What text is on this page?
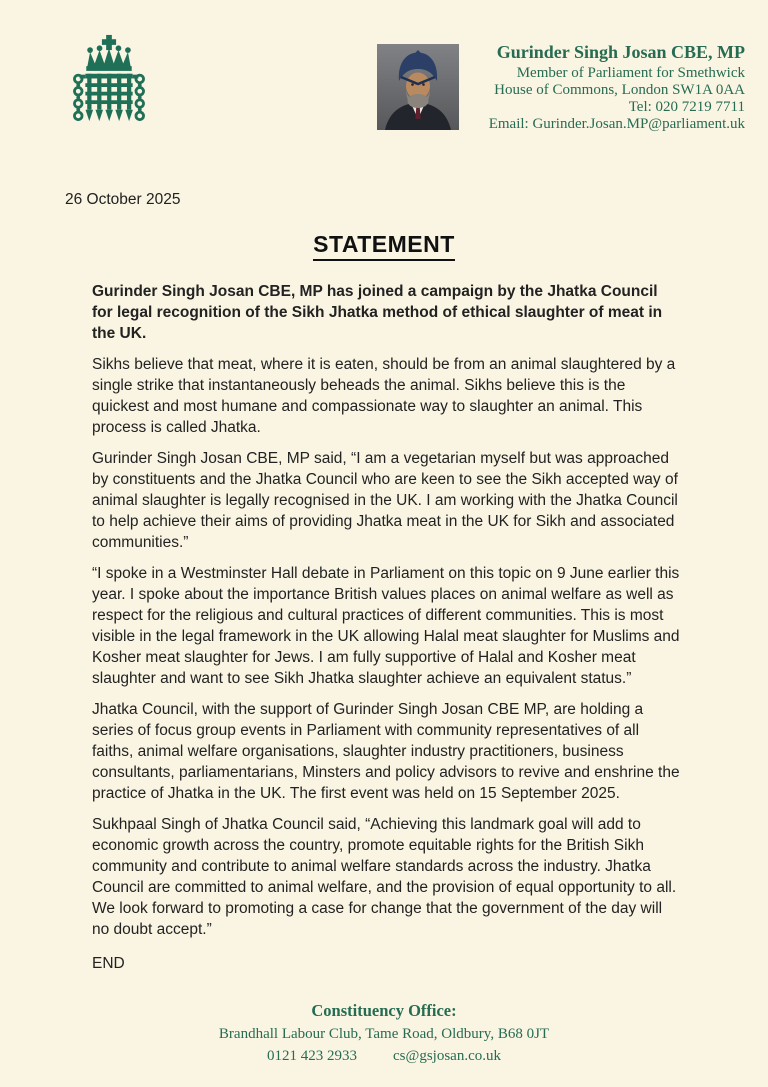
Gurinder Singh Josan CBE, MP
Member of Parliament for Smethwick
House of Commons, London SW1A 0AA
Tel: 020 7219 7711
Email: Gurinder.Josan.MP@parliament.uk
26 October 2025
STATEMENT

Gurinder Singh Josan CBE, MP has joined a campaign by the Jhatka Council for legal recognition of the Sikh Jhatka method of ethical slaughter of meat in the UK.

Sikhs believe that meat, where it is eaten, should be from an animal slaughtered by a single strike that instantaneously beheads the animal. Sikhs believe this is the quickest and most humane and compassionate way to slaughter an animal. This process is called Jhatka.

Gurinder Singh Josan CBE, MP said, “I am a vegetarian myself but was approached by constituents and the Jhatka Council who are keen to see the Sikh accepted way of animal slaughter is legally recognised in the UK. I am working with the Jhatka Council to help achieve their aims of providing Jhatka meat in the UK for Sikh and associated communities.”

“I spoke in a Westminster Hall debate in Parliament on this topic on 9 June earlier this year. I spoke about the importance British values places on animal welfare as well as respect for the religious and cultural practices of different communities. This is most visible in the legal framework in the UK allowing Halal meat slaughter for Muslims and Kosher meat slaughter for Jews. I am fully supportive of Halal and Kosher meat slaughter and want to see Sikh Jhatka slaughter achieve an equivalent status.”

Jhatka Council, with the support of Gurinder Singh Josan CBE MP, are holding a series of focus group events in Parliament with community representatives of all faiths, animal welfare organisations, slaughter industry practitioners, business consultants, parliamentarians, Minsters and policy advisors to revive and enshrine the practice of Jhatka in the UK. The first event was held on 15 September 2025.

Sukhpaal Singh of Jhatka Council said, “Achieving this landmark goal will add to economic growth across the country, promote equitable rights for the British Sikh community and contribute to animal welfare standards across the industry. Jhatka Council are committed to animal welfare, and the provision of equal opportunity to all. We look forward to promoting a case for change that the government of the day will no doubt accept.”

END

Constituency Office:
Brandhall Labour Club, Tame Road, Oldbury, B68 0JT
0121 423 2933 cs@gsjosan.co.uk
